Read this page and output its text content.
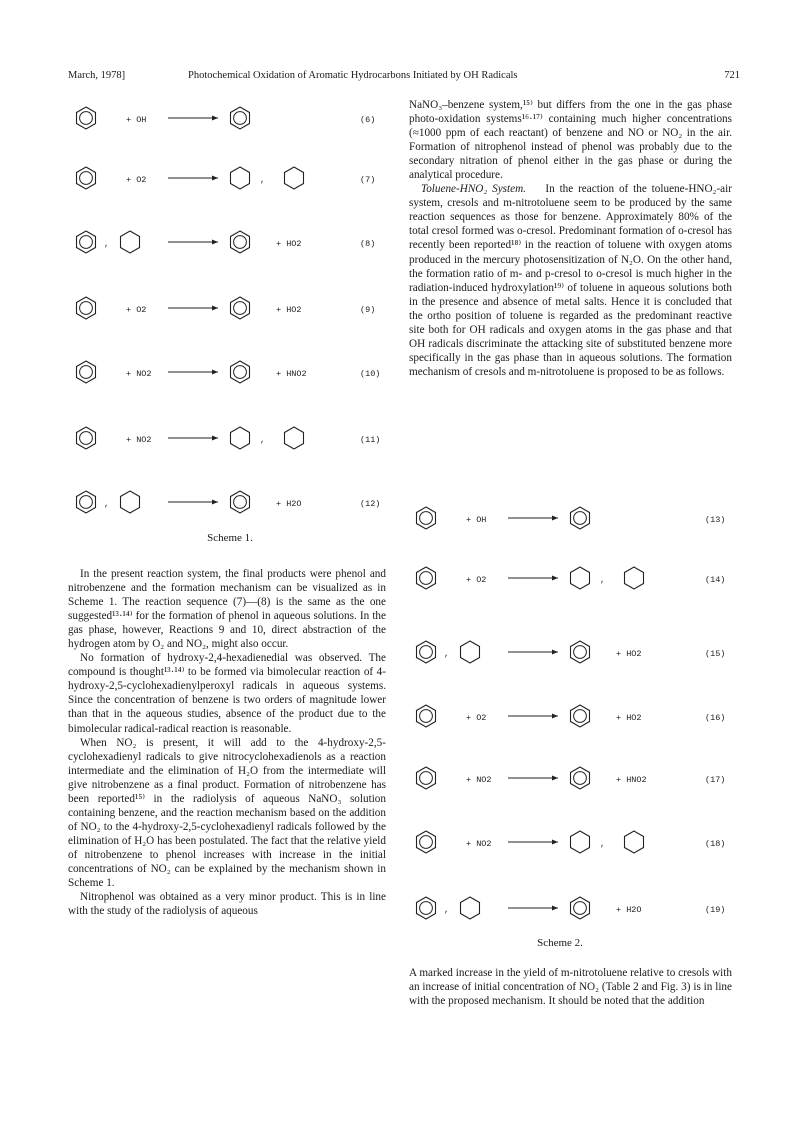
March, 1978]	Photochemical Oxidation of Aromatic Hydrocarbons Initiated by OH Radicals	721
+ OH	(6)
+ O2	,	(7)
,	+ HO2	(8)
+ O2	+ HO2	(9)
+ NO2	+ HNO2	(10)
+ NO2	,	(11)
,	+ H2O	(12)
Scheme 1.

In the present reaction system, the final products were phenol and nitrobenzene and the formation mechanism can be visualized as in Scheme 1. The reaction sequence (7)—(8) is the same as the one suggested¹³·¹⁴⁾ for the formation of phenol in aqueous solutions. In the gas phase, however, Reactions 9 and 10, direct abstraction of the hydrogen atom by O₂ and NO₂, might also occur.

No formation of hydroxy-2,4-hexadienedial was observed. The compound is thought¹³·¹⁴⁾ to be formed via bimolecular reaction of 4-hydroxy-2,5-cyclohexadienylperoxyl radicals in aqueous systems. Since the concentration of benzene is two orders of magnitude lower than that in the aqueous studies, absence of the product due to the bimolecular radical-radical reaction is reasonable.

When NO₂ is present, it will add to the 4-hydroxy-2,5-cyclohexadienyl radicals to give nitrocyclohexadienols as a reaction intermediate and the elimination of H₂O from the intermediate will give nitrobenzene as a final product. Formation of nitrobenzene has been reported¹⁵⁾ in the radiolysis of aqueous NaNO₃ solution containing benzene, and the reaction mechanism based on the addition of NO₂ to the 4-hydroxy-2,5-cyclohexadienyl radicals followed by the elimination of H₂O has been postulated. The fact that the relative yield of nitrobenzene to phenol increases with increase in the initial concentrations of NO₂ can be explained by the mechanism shown in Scheme 1.

Nitrophenol was obtained as a very minor product. This is in line with the study of the radiolysis of aqueous

NaNO₃–benzene system,¹⁵⁾ but differs from the one in the gas phase photo-oxidation systems¹⁶·¹⁷⁾ containing much higher concentrations (≈1000 ppm of each reactant) of benzene and NO or NO₂ in the air. Formation of nitrophenol instead of phenol was probably due to the secondary nitration of phenol either in the gas phase or during the analytical procedure.

Toluene-HNO₂ System. In the reaction of the toluene-HNO₂-air system, cresols and m-nitrotoluene seem to be produced by the same reaction sequences as those for benzene. Approximately 80% of the total cresol formed was o-cresol. Predominant formation of o-cresol has recently been reported¹⁸⁾ in the reaction of toluene with oxygen atoms produced in the mercury photosensitization of N₂O. On the other hand, the formation ratio of m- and p-cresol to o-cresol is much higher in the radiation-induced hydroxylation¹⁹⁾ of toluene in aqueous solutions both in the presence and absence of metal salts. Hence it is concluded that the ortho position of toluene is regarded as the predominant reactive site both for OH radicals and oxygen atoms in the gas phase and that OH radicals discriminate the attacking site of substituted benzene more specifically in the gas phase than in aqueous solutions. The formation mechanism of cresols and m-nitrotoluene is proposed to be as follows.

+ OH	(13)
+ O2	,	(14)
,	+ HO2	(15)
+ O2	+ HO2	(16)
+ NO2	+ HNO2	(17)
+ NO2	,	(18)
,	+ H2O	(19)
Scheme 2.

A marked increase in the yield of m-nitrotoluene relative to cresols with an increase of initial concentration of NO₂ (Table 2 and Fig. 3) is in line with the proposed mechanism. It should be noted that the addition
